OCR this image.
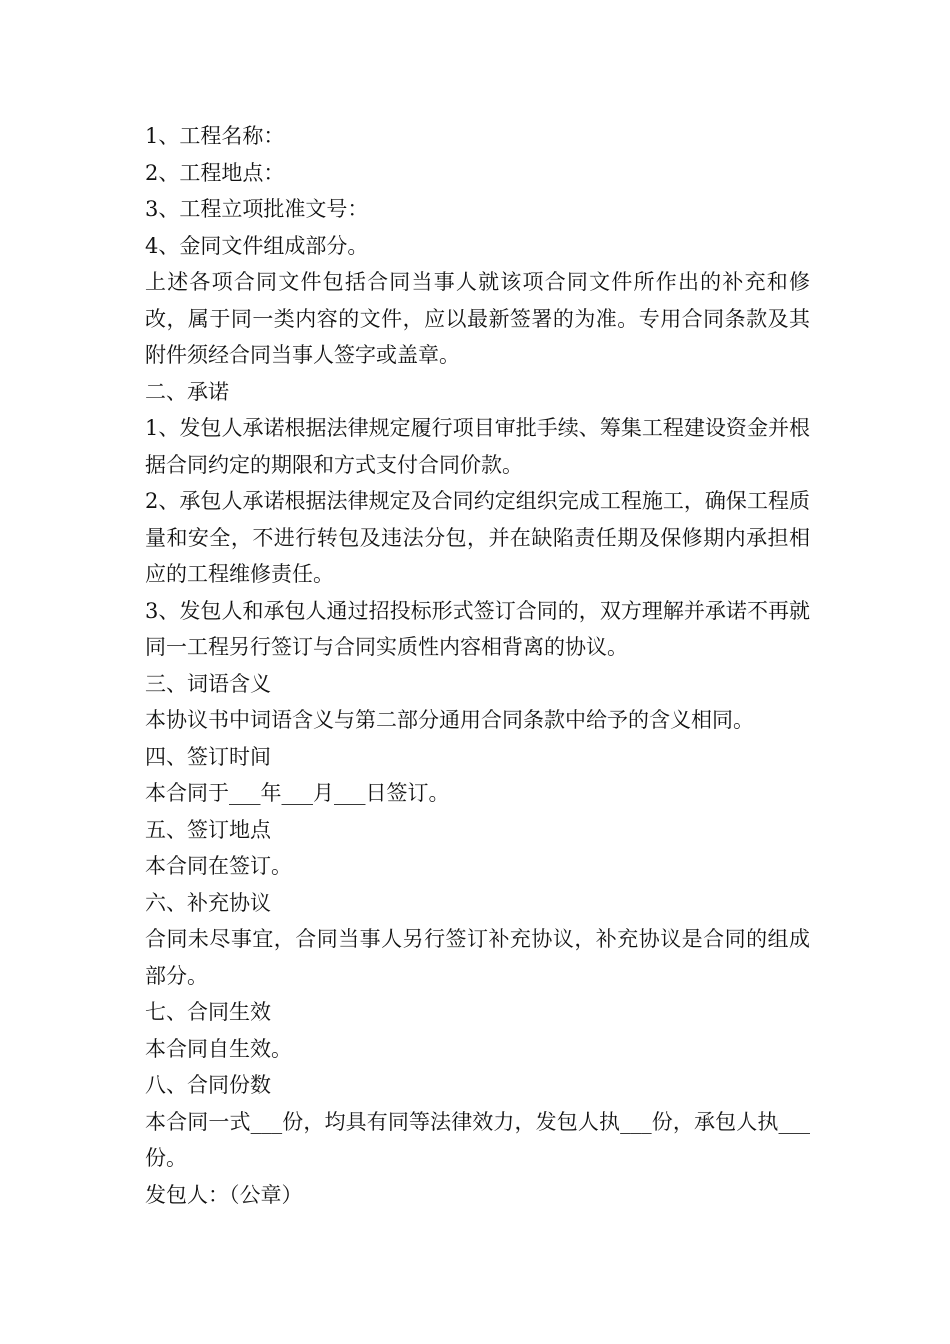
1、工程名称：

2、工程地点：

3、工程立项批准文号：

4、金同文件组成部分。

上述各项合同文件包括合同当事人就该项合同文件所作出的补充和修改，属于同一类内容的文件，应以最新签署的为准。专用合同条款及其附件须经合同当事人签字或盖章。

二、承诺

1、发包人承诺根据法律规定履行项目审批手续、筹集工程建设资金并根据合同约定的期限和方式支付合同价款。

2、承包人承诺根据法律规定及合同约定组织完成工程施工，确保工程质量和安全，不进行转包及违法分包，并在缺陷责任期及保修期内承担相应的工程维修责任。

3、发包人和承包人通过招投标形式签订合同的，双方理解并承诺不再就同一工程另行签订与合同实质性内容相背离的协议。

三、词语含义

本协议书中词语含义与第二部分通用合同条款中给予的含义相同。

四、签订时间

本合同于___年___月___日签订。

五、签订地点

本合同在签订。

六、补充协议

合同未尽事宜，合同当事人另行签订补充协议，补充协议是合同的组成部分。

七、合同生效

本合同自生效。

八、合同份数

本合同一式___份，均具有同等法律效力，发包人执___份，承包人执___份。

发包人：（公章）
